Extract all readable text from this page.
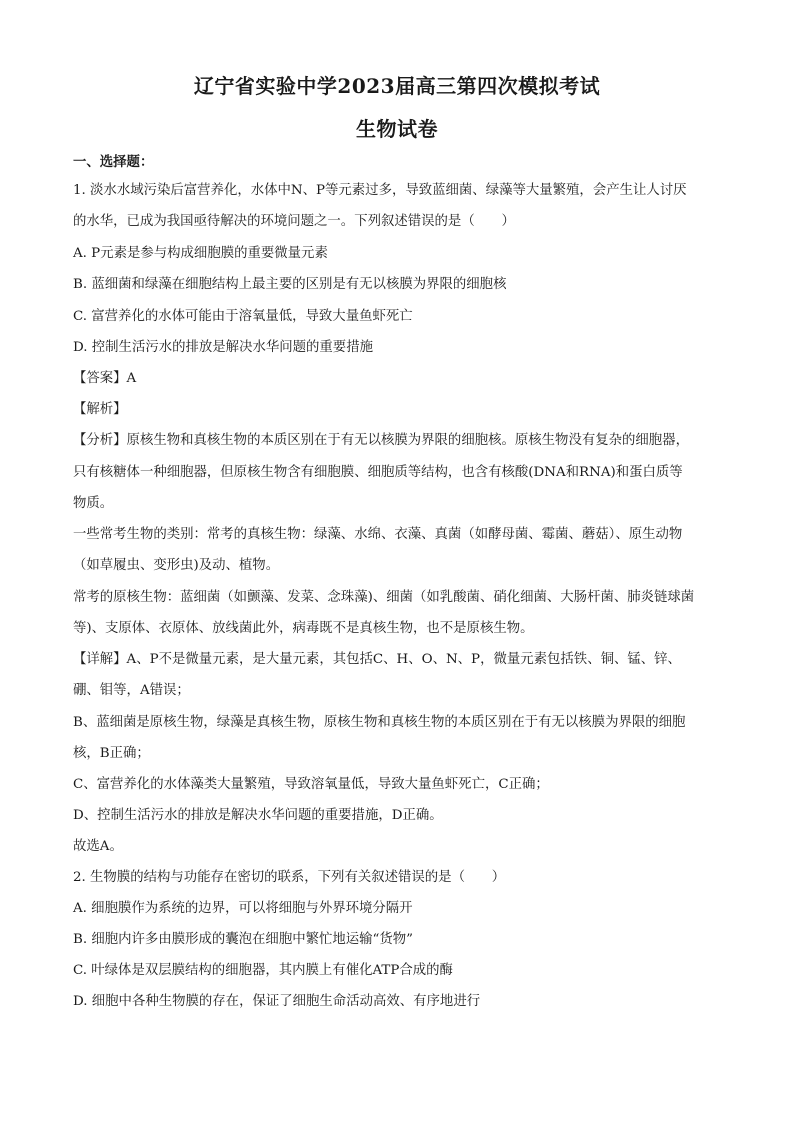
辽宁省实验中学2023届高三第四次模拟考试
生物试卷
一、选择题：
1. 淡水水域污染后富营养化，水体中N、P等元素过多，导致蓝细菌、绿藻等大量繁殖，会产生让人讨厌
的水华，已成为我国亟待解决的环境问题之一。下列叙述错误的是（　　）
A. P元素是参与构成细胞膜的重要微量元素
B. 蓝细菌和绿藻在细胞结构上最主要的区别是有无以核膜为界限的细胞核
C. 富营养化的水体可能由于溶氧量低，导致大量鱼虾死亡
D. 控制生活污水的排放是解决水华问题的重要措施
【答案】A
【解析】
【分析】原核生物和真核生物的本质区别在于有无以核膜为界限的细胞核。原核生物没有复杂的细胞器，
只有核糖体一种细胞器，但原核生物含有细胞膜、细胞质等结构，也含有核酸(DNA和RNA)和蛋白质等
物质。
一些常考生物的类别：常考的真核生物：绿藻、水绵、衣藻、真菌（如酵母菌、霉菌、蘑菇）、原生动物
（如草履虫、变形虫)及动、植物。
常考的原核生物：蓝细菌（如颤藻、发菜、念珠藻)、细菌（如乳酸菌、硝化细菌、大肠杆菌、肺炎链球菌
等)、支原体、衣原体、放线菌此外，病毒既不是真核生物，也不是原核生物。
【详解】A、P不是微量元素，是大量元素，其包括C、H、O、N、P，微量元素包括铁、铜、锰、锌、
硼、钼等，A错误；
B、蓝细菌是原核生物，绿藻是真核生物，原核生物和真核生物的本质区别在于有无以核膜为界限的细胞
核，B正确；
C、富营养化的水体藻类大量繁殖，导致溶氧量低，导致大量鱼虾死亡，C正确；
D、控制生活污水的排放是解决水华问题的重要措施，D正确。
故选A。
2. 生物膜的结构与功能存在密切的联系，下列有关叙述错误的是（　　）
A. 细胞膜作为系统的边界，可以将细胞与外界环境分隔开
B. 细胞内许多由膜形成的囊泡在细胞中繁忙地运输“货物”
C. 叶绿体是双层膜结构的细胞器，其内膜上有催化ATP合成的酶
D. 细胞中各种生物膜的存在，保证了细胞生命活动高效、有序地进行
